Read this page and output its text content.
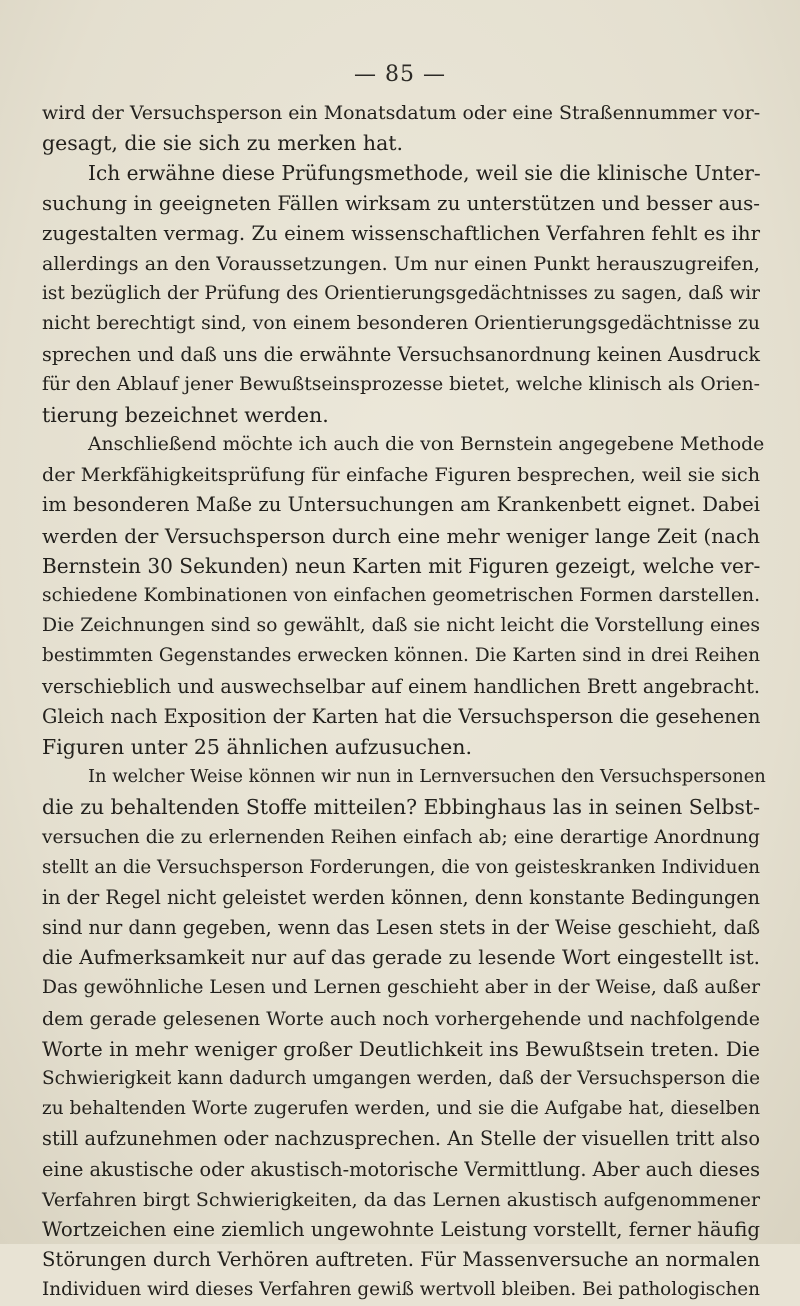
— 85 —
wird der Versuchsperson ein Monatsdatum oder eine Straßennummer vor-
gesagt, die sie sich zu merken hat.
Ich erwähne diese Prüfungsmethode, weil sie die klinische Unter-
suchung in geeigneten Fällen wirksam zu unterstützen und besser aus-
zugestalten vermag. Zu einem wissenschaftlichen Verfahren fehlt es ihr
allerdings an den Voraussetzungen. Um nur einen Punkt herauszugreifen,
ist bezüglich der Prüfung des Orientierungsgedächtnisses zu sagen, daß wir
nicht berechtigt sind, von einem besonderen Orientierungsgedächtnisse zu
sprechen und daß uns die erwähnte Versuchsanordnung keinen Ausdruck
für den Ablauf jener Bewußtseinsprozesse bietet, welche klinisch als Orien-
tierung bezeichnet werden.
Anschließend möchte ich auch die von Bernstein angegebene Methode
der Merkfähigkeitsprüfung für einfache Figuren besprechen, weil sie sich
im besonderen Maße zu Untersuchungen am Krankenbett eignet. Dabei
werden der Versuchsperson durch eine mehr weniger lange Zeit (nach
Bernstein 30 Sekunden) neun Karten mit Figuren gezeigt, welche ver-
schiedene Kombinationen von einfachen geometrischen Formen darstellen.
Die Zeichnungen sind so gewählt, daß sie nicht leicht die Vorstellung eines
bestimmten Gegenstandes erwecken können. Die Karten sind in drei Reihen
verschieblich und auswechselbar auf einem handlichen Brett angebracht.
Gleich nach Exposition der Karten hat die Versuchsperson die gesehenen
Figuren unter 25 ähnlichen aufzusuchen.
In welcher Weise können wir nun in Lernversuchen den Versuchspersonen
die zu behaltenden Stoffe mitteilen? Ebbinghaus las in seinen Selbst-
versuchen die zu erlernenden Reihen einfach ab; eine derartige Anordnung
stellt an die Versuchsperson Forderungen, die von geisteskranken Individuen
in der Regel nicht geleistet werden können, denn konstante Bedingungen
sind nur dann gegeben, wenn das Lesen stets in der Weise geschieht, daß
die Aufmerksamkeit nur auf das gerade zu lesende Wort eingestellt ist.
Das gewöhnliche Lesen und Lernen geschieht aber in der Weise, daß außer
dem gerade gelesenen Worte auch noch vorhergehende und nachfolgende
Worte in mehr weniger großer Deutlichkeit ins Bewußtsein treten. Die
Schwierigkeit kann dadurch umgangen werden, daß der Versuchsperson die
zu behaltenden Worte zugerufen werden, und sie die Aufgabe hat, dieselben
still aufzunehmen oder nachzusprechen. An Stelle der visuellen tritt also
eine akustische oder akustisch-motorische Vermittlung. Aber auch dieses
Verfahren birgt Schwierigkeiten, da das Lernen akustisch aufgenommener
Wortzeichen eine ziemlich ungewohnte Leistung vorstellt, ferner häufig
Störungen durch Verhören auftreten. Für Massenversuche an normalen
Individuen wird dieses Verfahren gewiß wertvoll bleiben. Bei pathologischen
